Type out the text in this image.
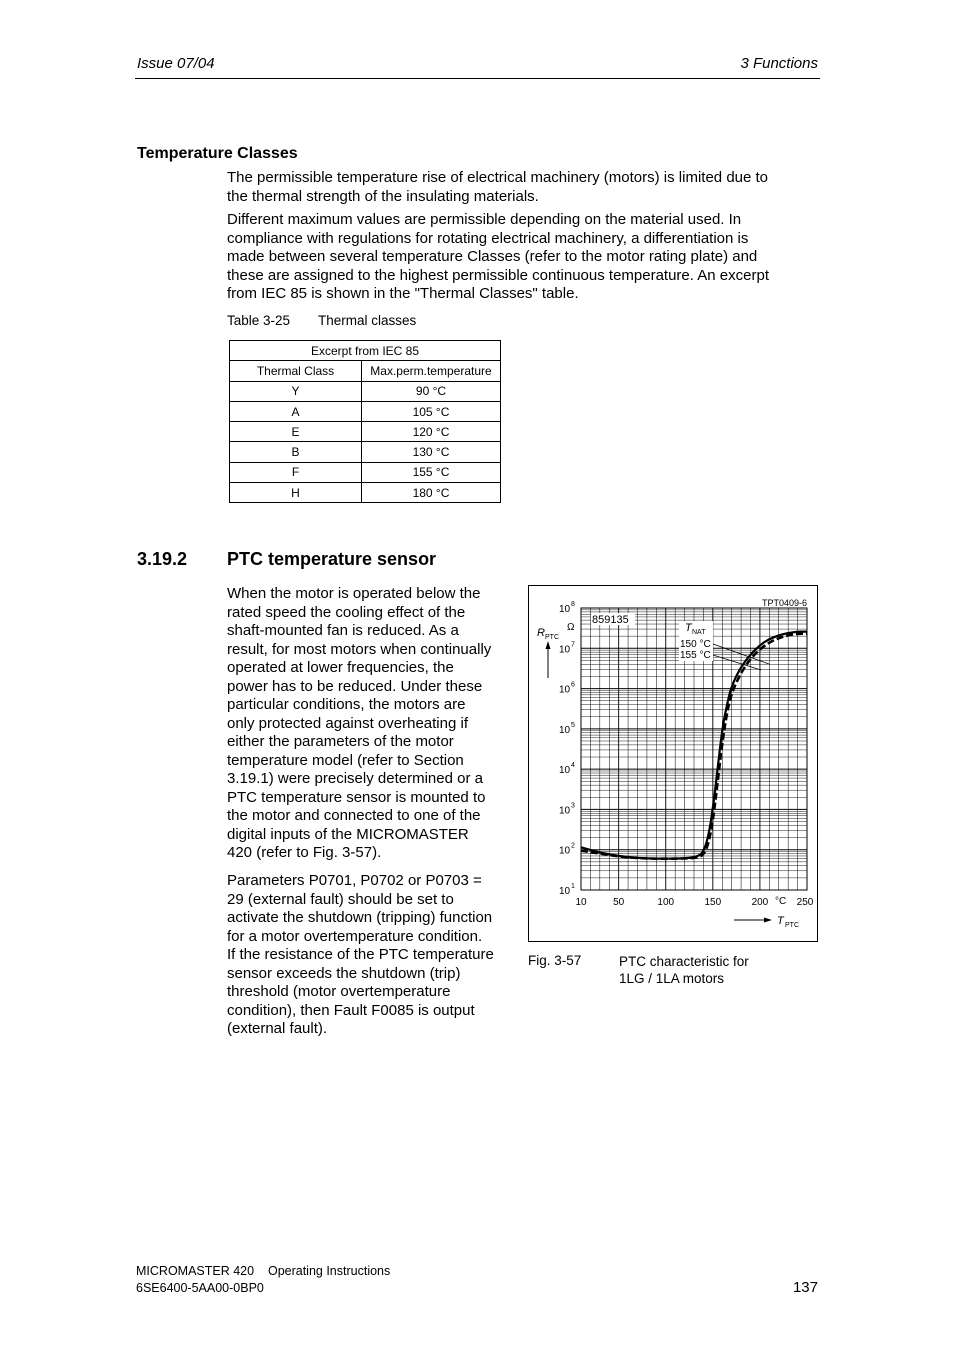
Issue 07/04	3 Functions
Temperature Classes
The permissible temperature rise of electrical machinery (motors) is limited due to
the thermal strength of the insulating materials.
Different maximum values are permissible depending on the material used. In
compliance with regulations for rotating electrical machinery, a differentiation is
made between several temperature Classes (refer to the motor rating plate) and
these are assigned to the highest permissible continuous temperature. An excerpt
from IEC 85 is shown in the "Thermal Classes" table.
Table 3-25 Thermal classes
Excerpt from IEC 85	
Thermal Class	Max.perm.temperature
Y	90 °C
A	105 °C
E	120 °C
B	130 °C
F	155 °C
H	180 °C
3.19.2 PTC temperature sensor
When the motor is operated below the
rated speed the cooling effect of the
shaft-mounted fan is reduced. As a
result, for most motors when continually
operated at lower frequencies, the
power has to be reduced. Under these
particular conditions, the motors are
only protected against overheating if
either the parameters of the motor
temperature model (refer to Section
3.19.1) were precisely determined or a
PTC temperature sensor is mounted to
the motor and connected to one of the
digital inputs of the MICROMASTER
420 (refer to Fig. 3-57).
Parameters P0701, P0702 or P0703 =
29 (external fault) should be set to
activate the shutdown (tripping) function
for a motor overtemperature condition.
If the resistance of the PTC temperature
sensor exceeds the shutdown (trip)
threshold (motor overtemperature
condition), then Fault F0085 is output
(external fault).
10 1
10 2
10 3
10 4
10 5
10 6
10 7
10 8
10	50	100	150	200	250
TPT0409-6
859135
R PTC
Ω
T PTC
°C
T NAT
150 °C
155 °C
Fig. 3-57	PTC characteristic for
1LG / 1LA motors
MICROMASTER 420    Operating Instructions
6SE6400-5AA00-0BP0	137
